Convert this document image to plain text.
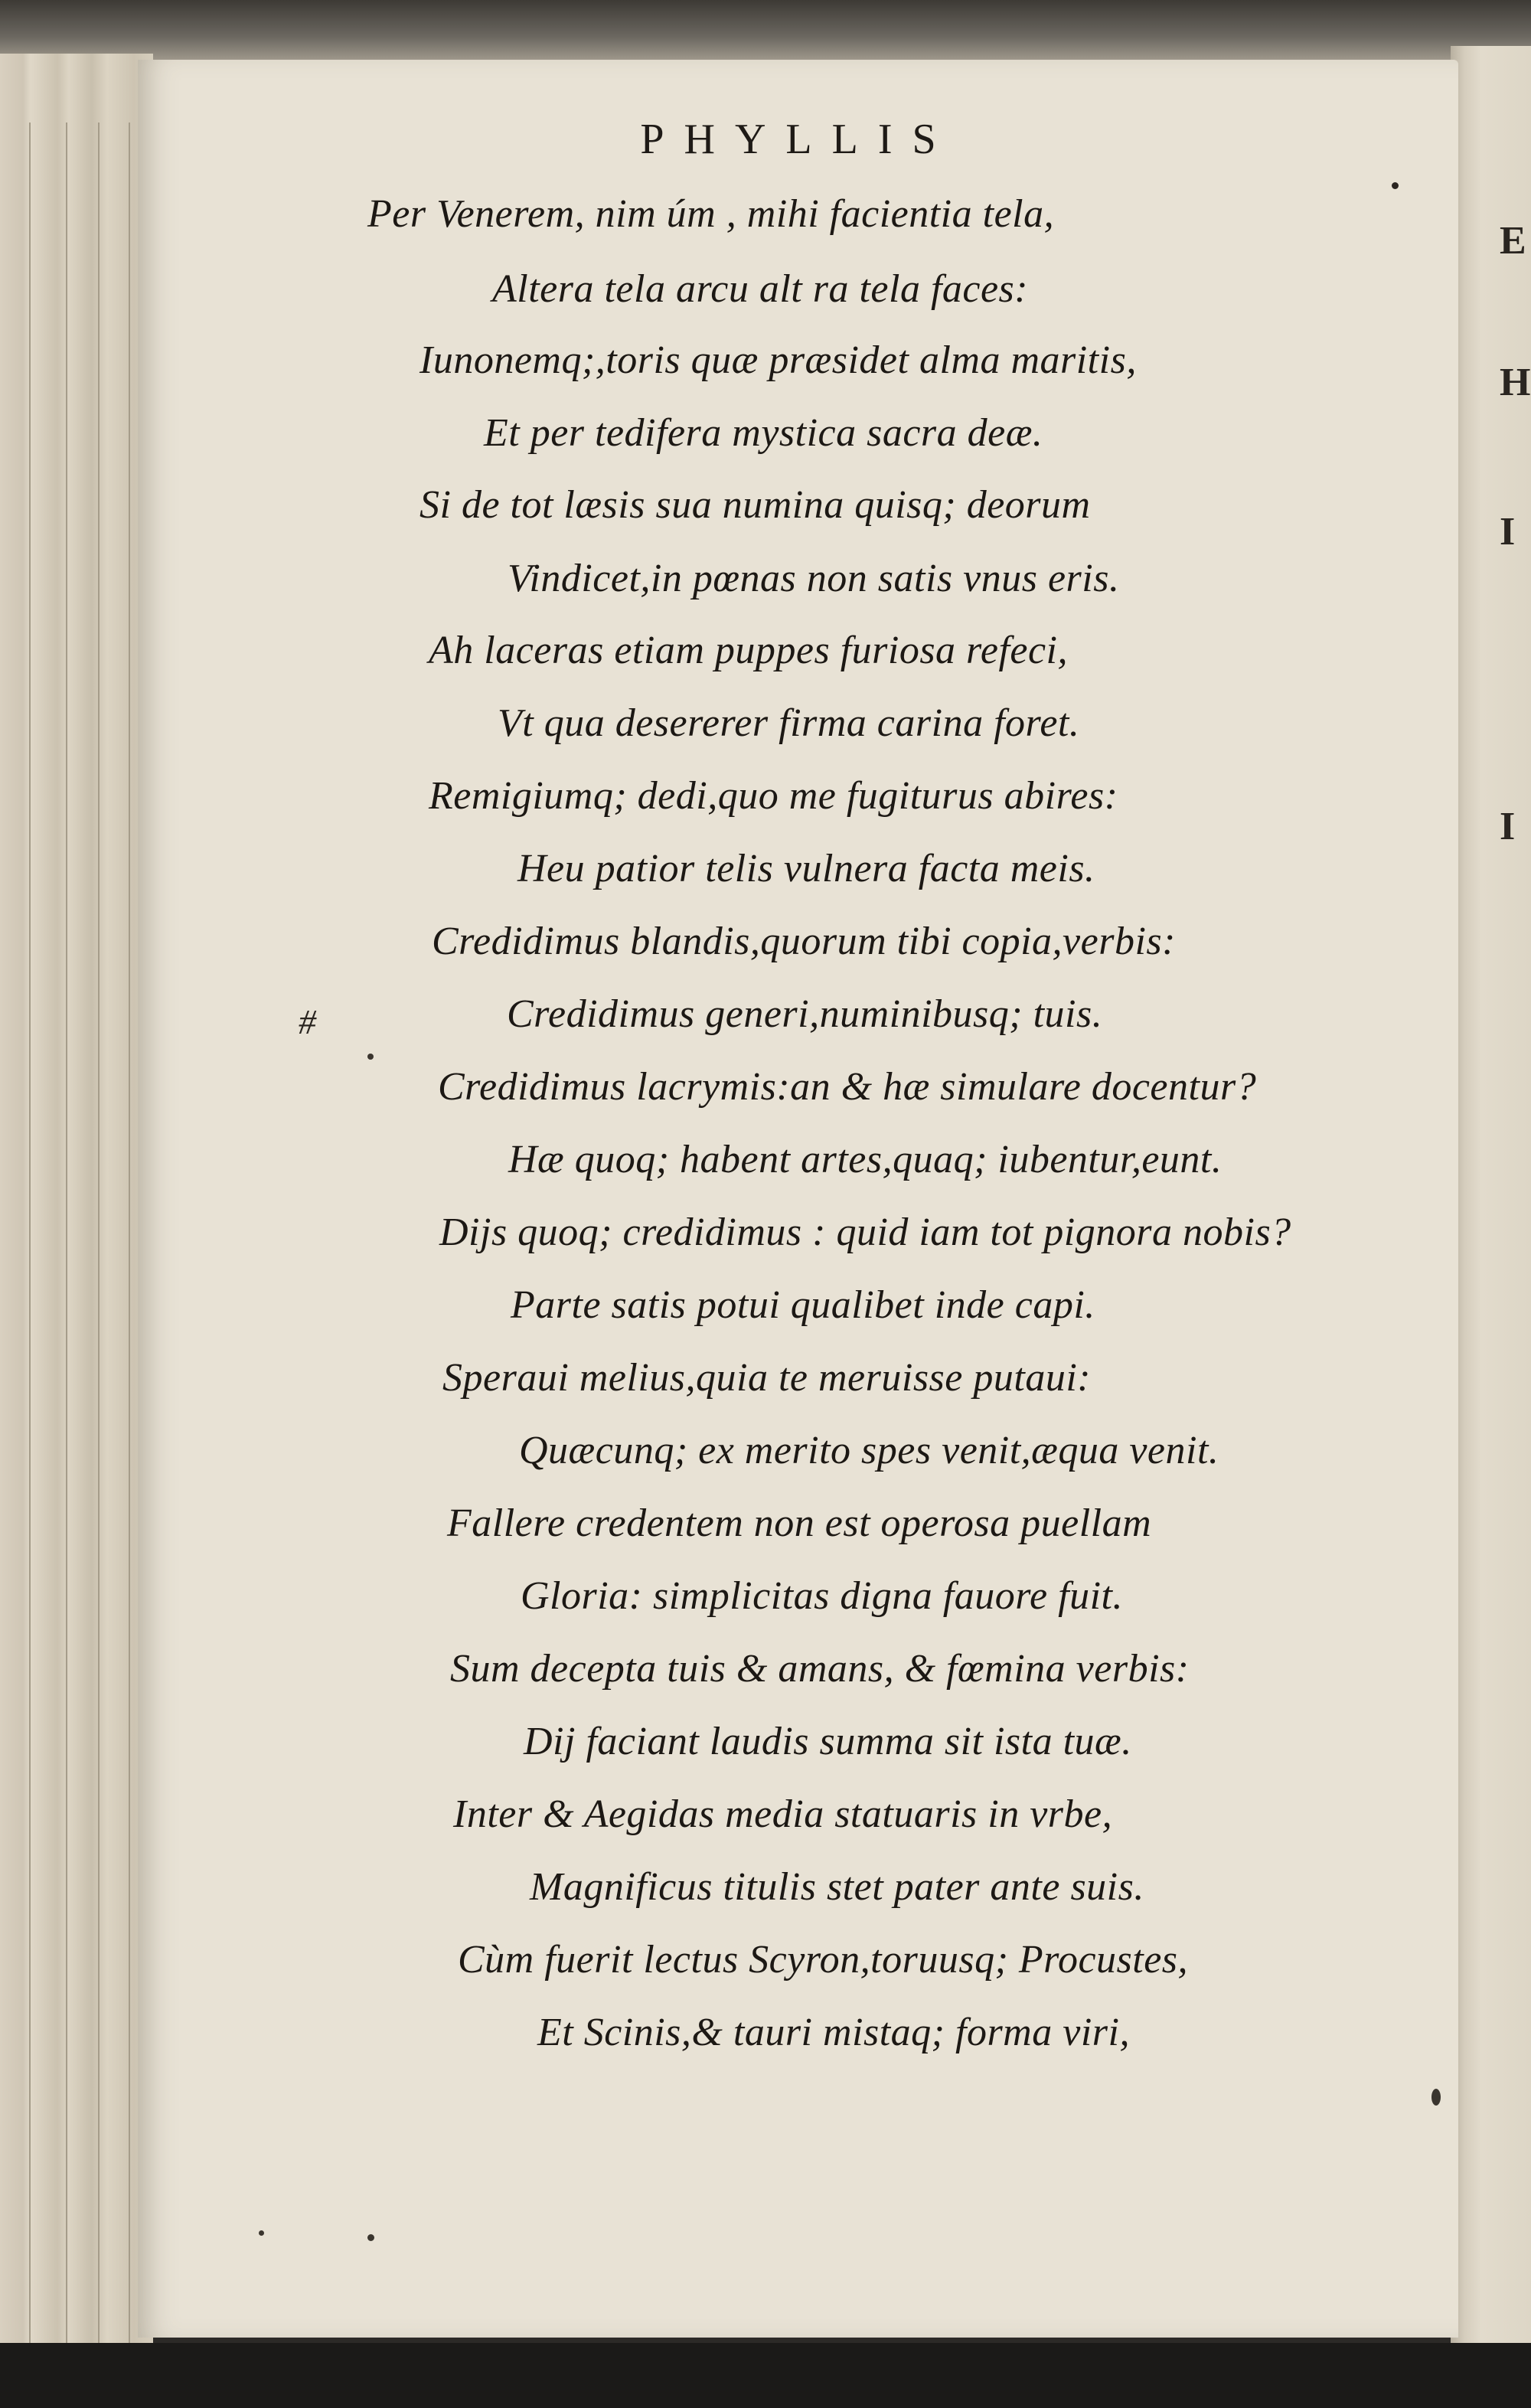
E
H
I
I
PHYLLIS
Per Venerem, nim úm , mihi facientia tela,
Altera tela arcu alt ra tela faces:
Iunonemq;,toris quæ præsidet alma maritis,
Et per tedifera mystica sacra deæ.
Si de tot læsis sua numina quisq; deorum
Vindicet,in pœnas non satis vnus eris.
Ah laceras etiam puppes furiosa refeci,
Vt qua desererer firma carina foret.
Remigiumq; dedi,quo me fugiturus abires:
Heu patior telis vulnera facta meis.
Credidimus blandis,quorum tibi copia,verbis:
Credidimus generi,numinibusq; tuis.
Credidimus lacrymis:an & hæ simulare docentur?
Hæ quoq; habent artes,quaq; iubentur,eunt.
Dijs quoq; credidimus : quid iam tot pignora nobis?
Parte satis potui qualibet inde capi.
Speraui melius,quia te meruisse putaui:
Quæcunq; ex merito spes venit,æqua venit.
Fallere credentem non est operosa puellam
Gloria: simplicitas digna fauore fuit.
Sum decepta tuis & amans, & fœmina verbis:
Dij faciant laudis summa sit ista tuæ.
Inter & Aegidas media statuaris in vrbe,
Magnificus titulis stet pater ante suis.
Cùm fuerit lectus Scyron,toruusq; Procustes,
Et Scinis,& tauri mistaq; forma viri,
#
